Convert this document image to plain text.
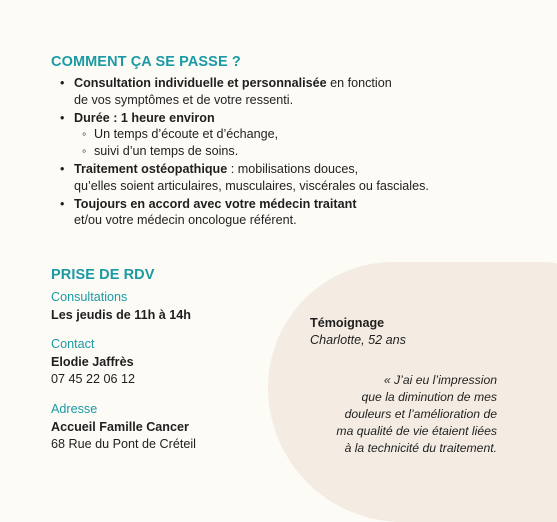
COMMENT ÇA SE PASSE ?
• Consultation individuelle et personnalisée en fonction
de vos symptômes et de votre ressenti.
• Durée : 1 heure environ
◦ Un temps d’écoute et d’échange,
◦ suivi d’un temps de soins.
• Traitement ostéopathique : mobilisations douces,
qu’elles soient articulaires, musculaires, viscérales ou fasciales.
• Toujours en accord avec votre médecin traitant
et/ou votre médecin oncologue référent.
PRISE DE RDV
Consultations
Les jeudis de 11h à 14h
Contact
Elodie Jaffrès
07 45 22 06 12
Adresse
Accueil Famille Cancer
68 Rue du Pont de Créteil
Témoignage
Charlotte, 52 ans
« J’ai eu l’impression
que la diminution de mes
douleurs et l’amélioration de
ma qualité de vie étaient liées
à la technicité du traitement.
